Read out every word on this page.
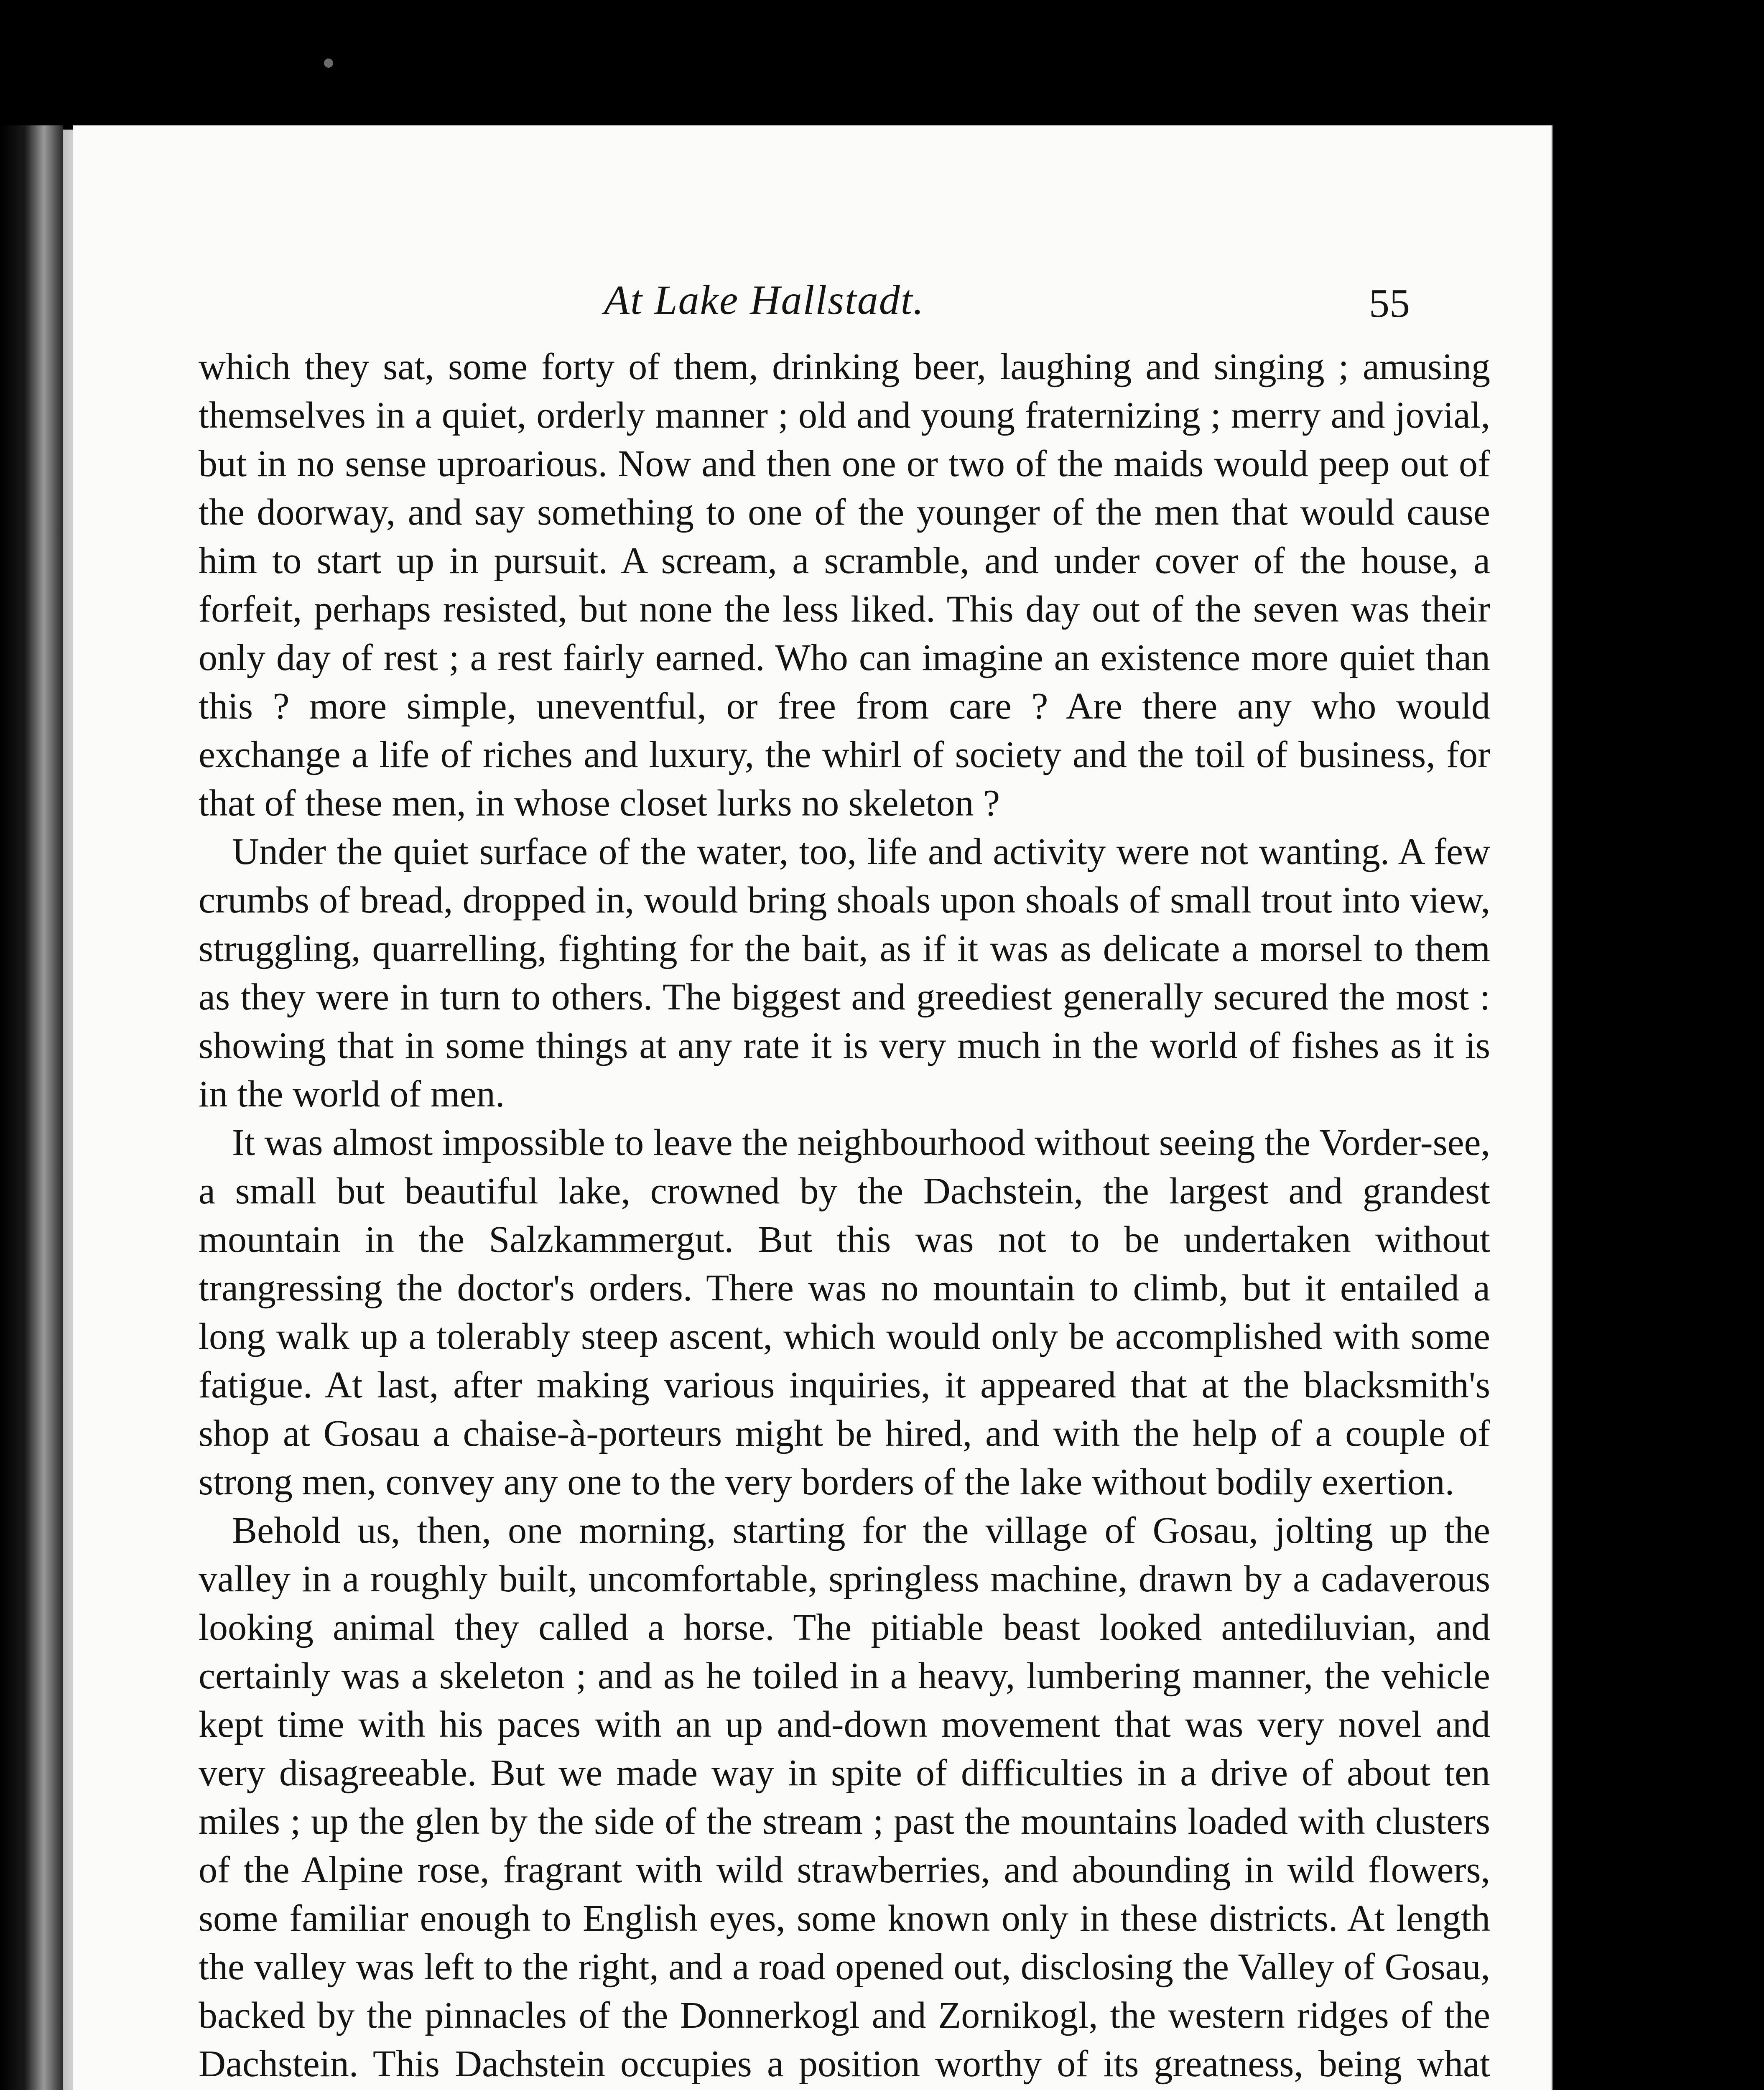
At Lake Hallstadt.	55

which they sat, some forty of them, drinking beer, laughing and singing ; amusing themselves in a quiet, orderly manner ; old and young fraternizing ; merry and jovial, but in no sense uproarious. Now and then one or two of the maids would peep out of the doorway, and say something to one of the younger of the men that would cause him to start up in pursuit. A scream, a scramble, and under cover of the house, a forfeit, perhaps resisted, but none the less liked. This day out of the seven was their only day of rest ; a rest fairly earned. Who can imagine an existence more quiet than this ? more simple, uneventful, or free from care ? Are there any who would exchange a life of riches and luxury, the whirl of society and the toil of business, for that of these men, in whose closet lurks no skeleton ?

Under the quiet surface of the water, too, life and activity were not wanting. A few crumbs of bread, dropped in, would bring shoals upon shoals of small trout into view, struggling, quarrelling, fighting for the bait, as if it was as delicate a morsel to them as they were in turn to others. The biggest and greediest generally secured the most : showing that in some things at any rate it is very much in the world of fishes as it is in the world of men.

It was almost impossible to leave the neighbourhood without seeing the Vorder-see, a small but beautiful lake, crowned by the Dachstein, the largest and grandest mountain in the Salzkammergut. But this was not to be undertaken without trangressing the doctor's orders. There was no mountain to climb, but it entailed a long walk up a tolerably steep ascent, which would only be accomplished with some fatigue. At last, after making various inquiries, it appeared that at the blacksmith's shop at Gosau a chaise-à-porteurs might be hired, and with the help of a couple of strong men, convey any one to the very borders of the lake without bodily exertion.

Behold us, then, one morning, starting for the village of Gosau, jolting up the valley in a roughly built, uncomfortable, springless machine, drawn by a cadaverous looking animal they called a horse. The pitiable beast looked antediluvian, and certainly was a skeleton ; and as he toiled in a heavy, lumbering manner, the vehicle kept time with his paces with an up and-down movement that was very novel and very disagreeable. But we made way in spite of difficulties in a drive of about ten miles ; up the glen by the side of the stream ; past the mountains loaded with clusters of the Alpine rose, fragrant with wild strawberries, and abounding in wild flowers, some familiar enough to English eyes, some known only in these districts. At length the valley was left to the right, and a road opened out, disclosing the Valley of Gosau, backed by the pinnacles of the Donnerkogl and Zornikogl, the western ridges of the Dachstein. This Dachstein occupies a position worthy of its greatness, being what
